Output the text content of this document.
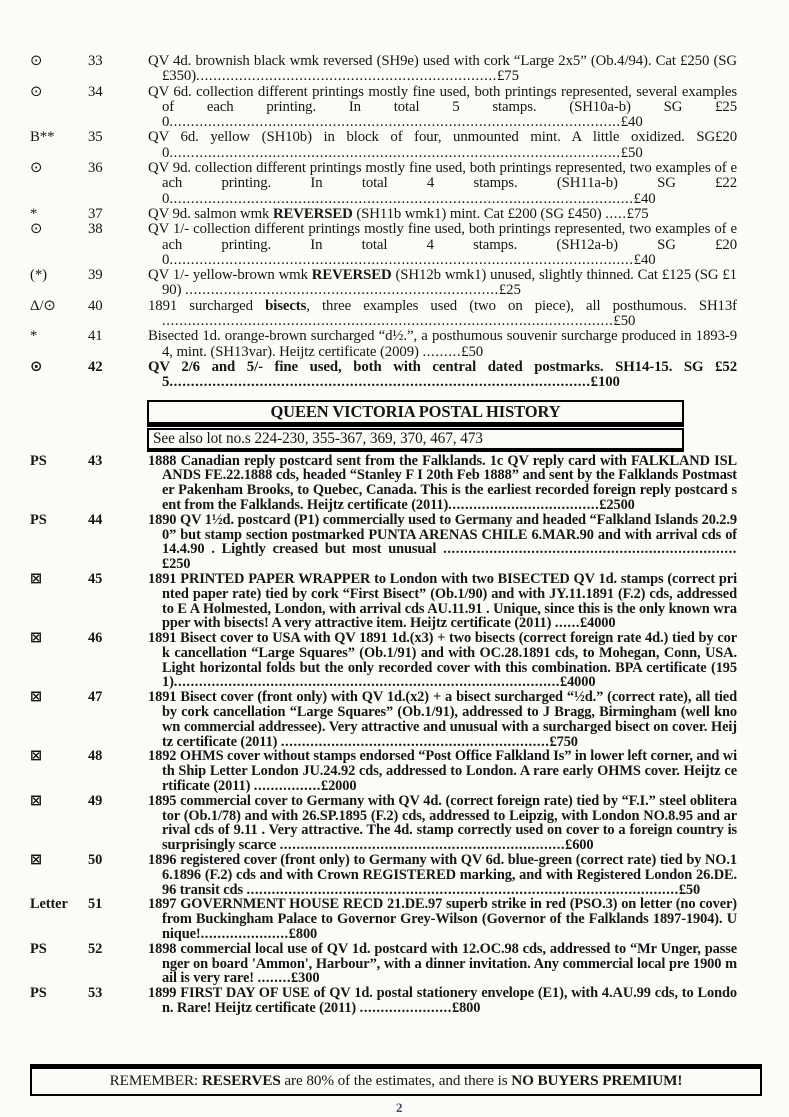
⊙	33	QV 4d. brownish black wmk reversed (SH9e) used with cork “Large 2x5” (Ob.4/94). Cat £250 (SG £350)......................................................................£75
⊙	34	QV 6d. collection different printings mostly fine used, both printings represented, several examples of each printing. In total 5 stamps. (SH10a-b) SG £250.........................................................................................................£40
B**	35	QV 6d. yellow (SH10b) in block of four, unmounted mint. A little oxidized. SG£200.........................................................................................................£50
⊙	36	QV 9d. collection different printings mostly fine used, both printings represented, two examples of each printing. In total 4 stamps. (SH11a-b) SG £220............................................................................................................£40
*	37	QV 9d. salmon wmk REVERSED (SH11b wmk1) mint. Cat £200 (SG £450) .....£75
⊙	38	QV 1/- collection different printings mostly fine used, both printings represented, two examples of each printing. In total 4 stamps. (SH12a-b) SG £200............................................................................................................£40
(*)	39	QV 1/- yellow-brown wmk REVERSED (SH12b wmk1) unused, slightly thinned. Cat £125 (SG £190) .........................................................................£25
Δ/⊙	40	1891 surcharged bisects, three examples used (two on piece), all posthumous. SH13f .........................................................................................................£50
*	41	Bisected 1d. orange-brown surcharged “d½.”, a posthumous souvenir surcharge produced in 1893-94, mint. (SH13var). Heijtz certificate (2009) .........£50
⊙	42	QV 2/6 and 5/- fine used, both with central dated postmarks. SH14-15. SG £525..................................................................................................£100
QUEEN VICTORIA POSTAL HISTORY
See also lot no.s 224-230, 355-367, 369, 370, 467, 473
PS	43	1888 Canadian reply postcard sent from the Falklands. 1c QV reply card with FALKLAND ISLANDS FE.22.1888 cds, headed “Stanley F I 20th Feb 1888” and sent by the Falklands Postmaster Pakenham Brooks, to Quebec, Canada. This is the earliest recorded foreign reply postcard sent from the Falklands. Heijtz certificate (2011)....................................£2500
PS	44	1890 QV 1½d. postcard (P1) commercially used to Germany and headed “Falkland Islands 20.2.90” but stamp section postmarked PUNTA ARENAS CHILE 6.MAR.90 and with arrival cds of 14.4.90 . Lightly creased but most unusual ......................................................................£250
⊠	45	1891 PRINTED PAPER WRAPPER to London with two BISECTED QV 1d. stamps (correct printed paper rate) tied by cork “First Bisect” (Ob.1/90) and with JY.11.1891 (F.2) cds, addressed to E A Holmested, London, with arrival cds AU.11.91 . Unique, since this is the only known wrapper with bisects! A very attractive item. Heijtz certificate (2011) ......£4000
⊠	46	1891 Bisect cover to USA with QV 1891 1d.(x3) + two bisects (correct foreign rate 4d.) tied by cork cancellation “Large Squares” (Ob.1/91) and with OC.28.1891 cds, to Mohegan, Conn, USA. Light horizontal folds but the only recorded cover with this combination. BPA certificate (1951)............................................................................................£4000
⊠	47	1891 Bisect cover (front only) with QV 1d.(x2) + a bisect surcharged “½d.” (correct rate), all tied by cork cancellation “Large Squares” (Ob.1/91), addressed to J Bragg, Birmingham (well known commercial addressee). Very attractive and unusual with a surcharged bisect on cover. Heijtz certificate (2011) ................................................................£750
⊠	48	1892 OHMS cover without stamps endorsed “Post Office Falkland Is” in lower left corner, and with Ship Letter London JU.24.92 cds, addressed to London. A rare early OHMS cover. Heijtz certificate (2011) ................£2000
⊠	49	1895 commercial cover to Germany with QV 4d. (correct foreign rate) tied by “F.I.” steel obliterator (Ob.1/78) and with 26.SP.1895 (F.2) cds, addressed to Leipzig, with London NO.8.95 and arrival cds of 9.11 . Very attractive. The 4d. stamp correctly used on cover to a foreign country is surprisingly scarce ....................................................................£600
⊠	50	1896 registered cover (front only) to Germany with QV 6d. blue-green (correct rate) tied by NO.16.1896 (F.2) cds and with Crown REGISTERED marking, and with Registered London 26.DE.96 transit cds .......................................................................................................£50
Letter	51	1897 GOVERNMENT HOUSE RECD 21.DE.97 superb strike in red (PSO.3) on letter (no cover) from Buckingham Palace to Governor Grey-Wilson (Governor of the Falklands 1897-1904). Unique!.....................£800
PS	52	1898 commercial local use of QV 1d. postcard with 12.OC.98 cds, addressed to “Mr Unger, passenger on board 'Ammon', Harbour”, with a dinner invitation. Any commercial local pre 1900 mail is very rare! ........£300
PS	53	1899 FIRST DAY OF USE of QV 1d. postal stationery envelope (E1), with 4.AU.99 cds, to London. Rare! Heijtz certificate (2011) ......................£800
REMEMBER: RESERVES are 80% of the estimates, and there is NO BUYERS PREMIUM!
2
